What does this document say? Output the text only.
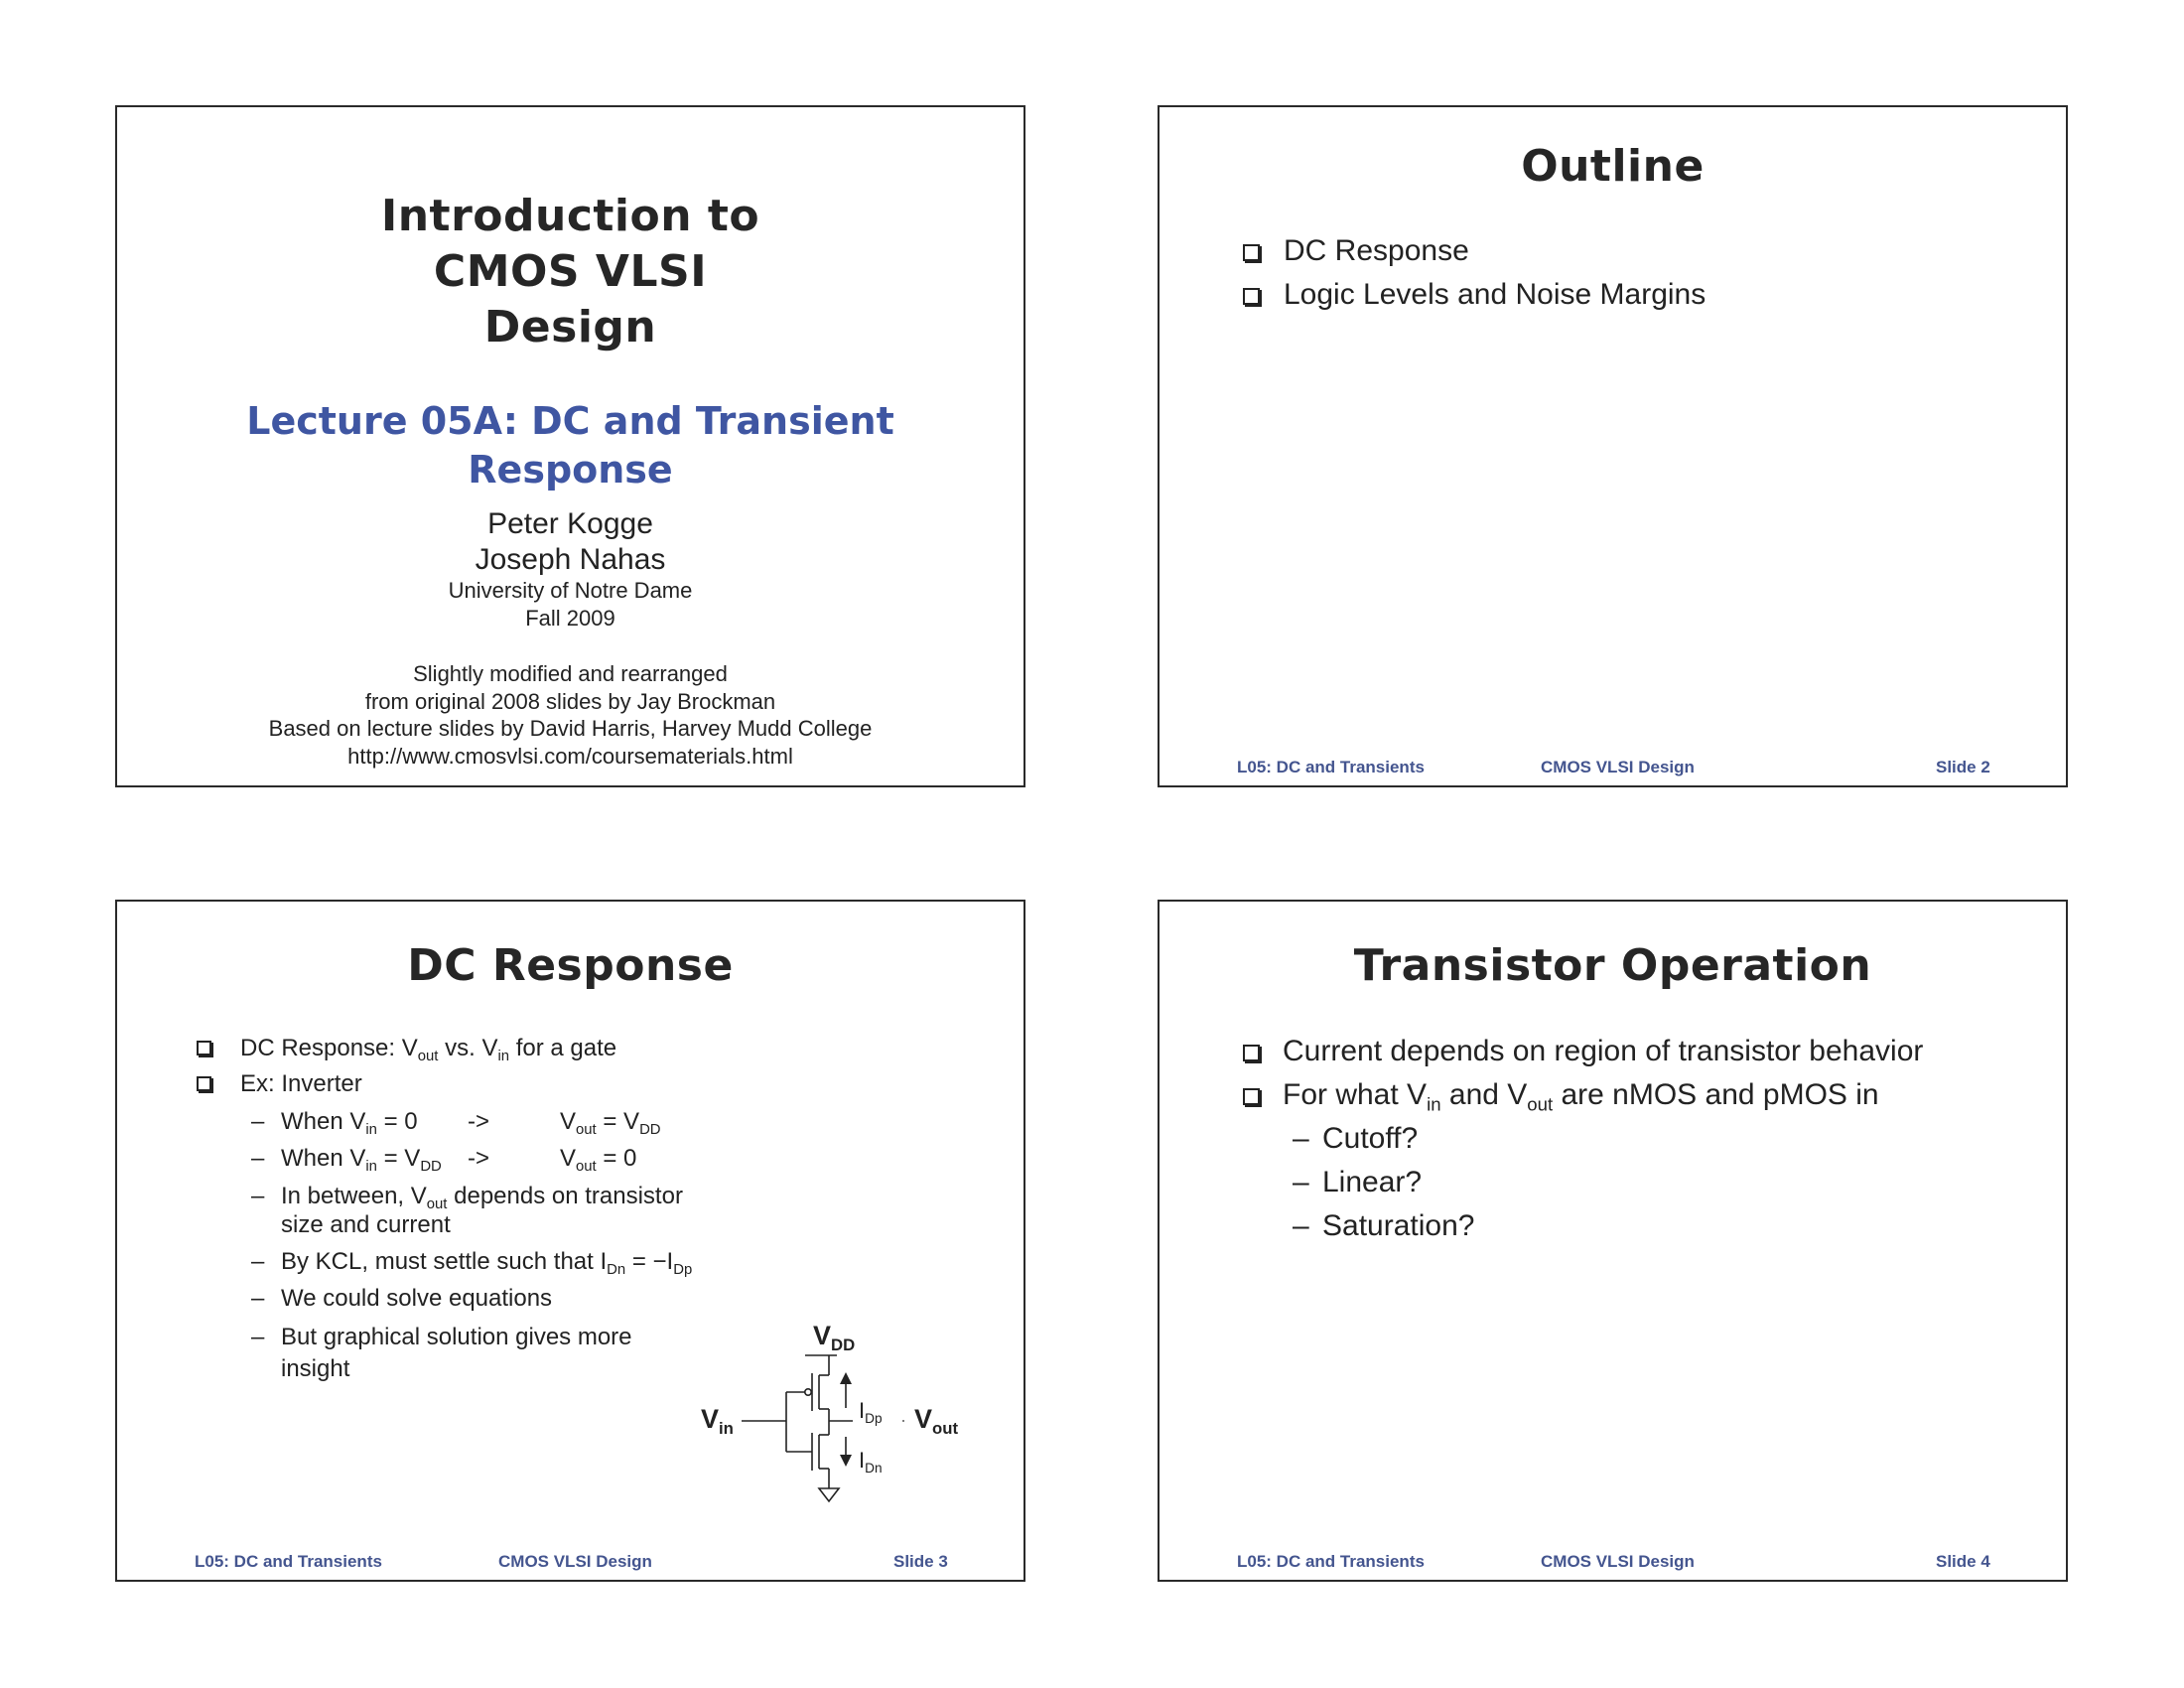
Introduction to
CMOS VLSI
Design
Lecture 05A: DC and Transient
Response
Peter Kogge
Joseph Nahas
University of Notre Dame
Fall 2009
Slightly modified and rearranged
from original 2008 slides by Jay Brockman
Based on lecture slides by David Harris, Harvey Mudd College
http://www.cmosvlsi.com/coursematerials.html
Outline
DC Response
Logic Levels and Noise Margins
L05: DC and Transients	CMOS VLSI Design	Slide 2
DC Response
DC Response: $V_{out}$ vs. $V_{in}$ for a gate
Ex: Inverter
– When $V_{in} = 0$ ->	$V_{out} = V_{DD}$
– When $V_{in} = V_{DD}$ ->	$V_{out} = 0$
– In between, $V_{out}$ depends on transistor
size and current
– By KCL, must settle such that $I_{Dn} = -I_{Dp}$
– We could solve equations
– But graphical solution gives more
insight
$V_{DD}$
$V_{in}$
$I_{Dp}$ $V_{out}$
$I_{Dn}$
L05: DC and Transients	CMOS VLSI Design	Slide 3
Transistor Operation
Current depends on region of transistor behavior
For what $V_{in}$ and $V_{out}$ are nMOS and pMOS in
– Cutoff?
– Linear?
– Saturation?
L05: DC and Transients	CMOS VLSI Design	Slide 4
